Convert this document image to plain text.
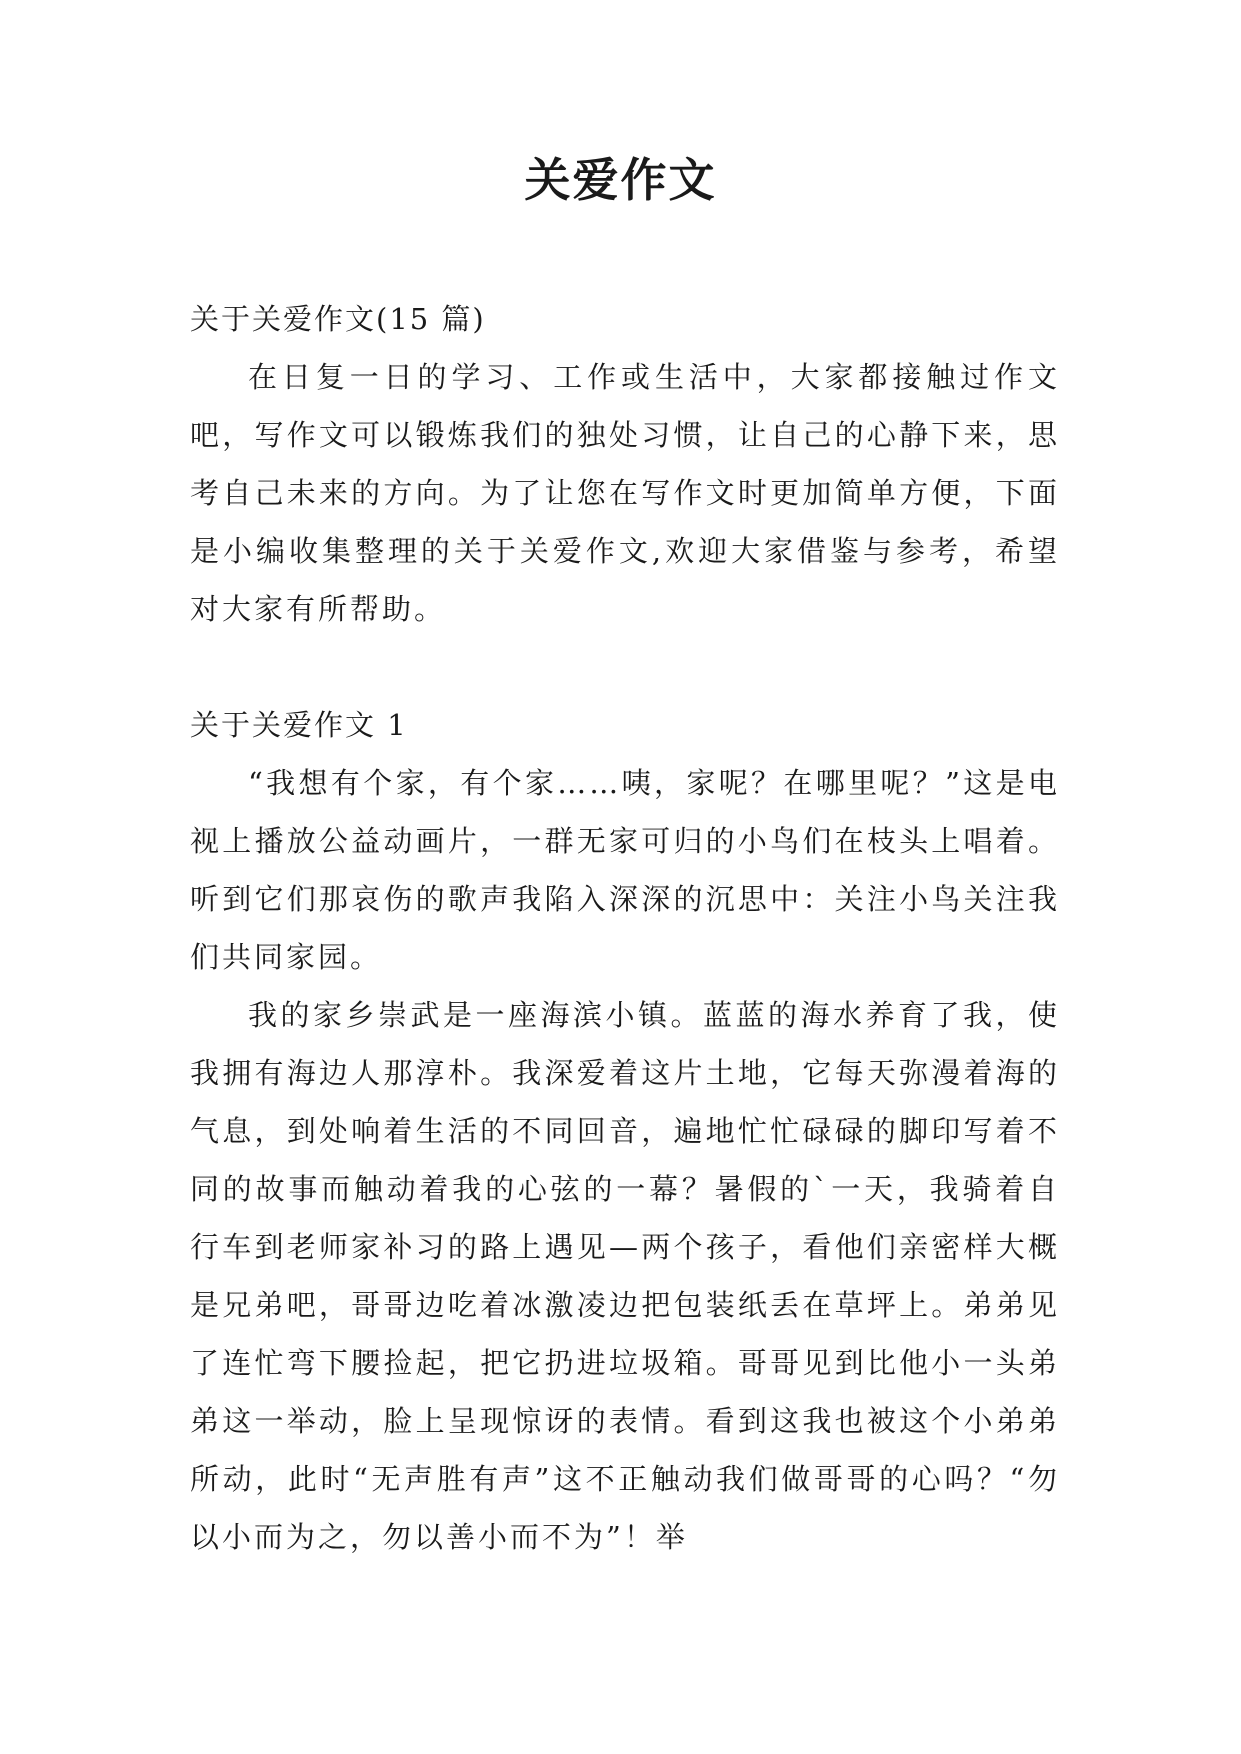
关爱作文

关于关爱作文(15 篇)

在日复一日的学习、工作或生活中，大家都接触过作文吧，写作文可以锻炼我们的独处习惯，让自己的心静下来，思考自己未来的方向。为了让您在写作文时更加简单方便，下面是小编收集整理的关于关爱作文,欢迎大家借鉴与参考，希望对大家有所帮助。

关于关爱作文 1

“我想有个家，有个家……咦，家呢？在哪里呢？”这是电视上播放公益动画片，一群无家可归的小鸟们在枝头上唱着。听到它们那哀伤的歌声我陷入深深的沉思中：关注小鸟关注我们共同家园。

我的家乡崇武是一座海滨小镇。蓝蓝的海水养育了我，使我拥有海边人那淳朴。我深爱着这片土地，它每天弥漫着海的气息，到处响着生活的不同回音，遍地忙忙碌碌的脚印写着不同的故事而触动着我的心弦的一幕？暑假的`一天，我骑着自行车到老师家补习的路上遇见—两个孩子，看他们亲密样大概是兄弟吧，哥哥边吃着冰激凌边把包装纸丢在草坪上。弟弟见了连忙弯下腰捡起，把它扔进垃圾箱。哥哥见到比他小一头弟弟这一举动，脸上呈现惊讶的表情。看到这我也被这个小弟弟所动，此时“无声胜有声”这不正触动我们做哥哥的心吗？“勿以小而为之，勿以善小而不为”！举
